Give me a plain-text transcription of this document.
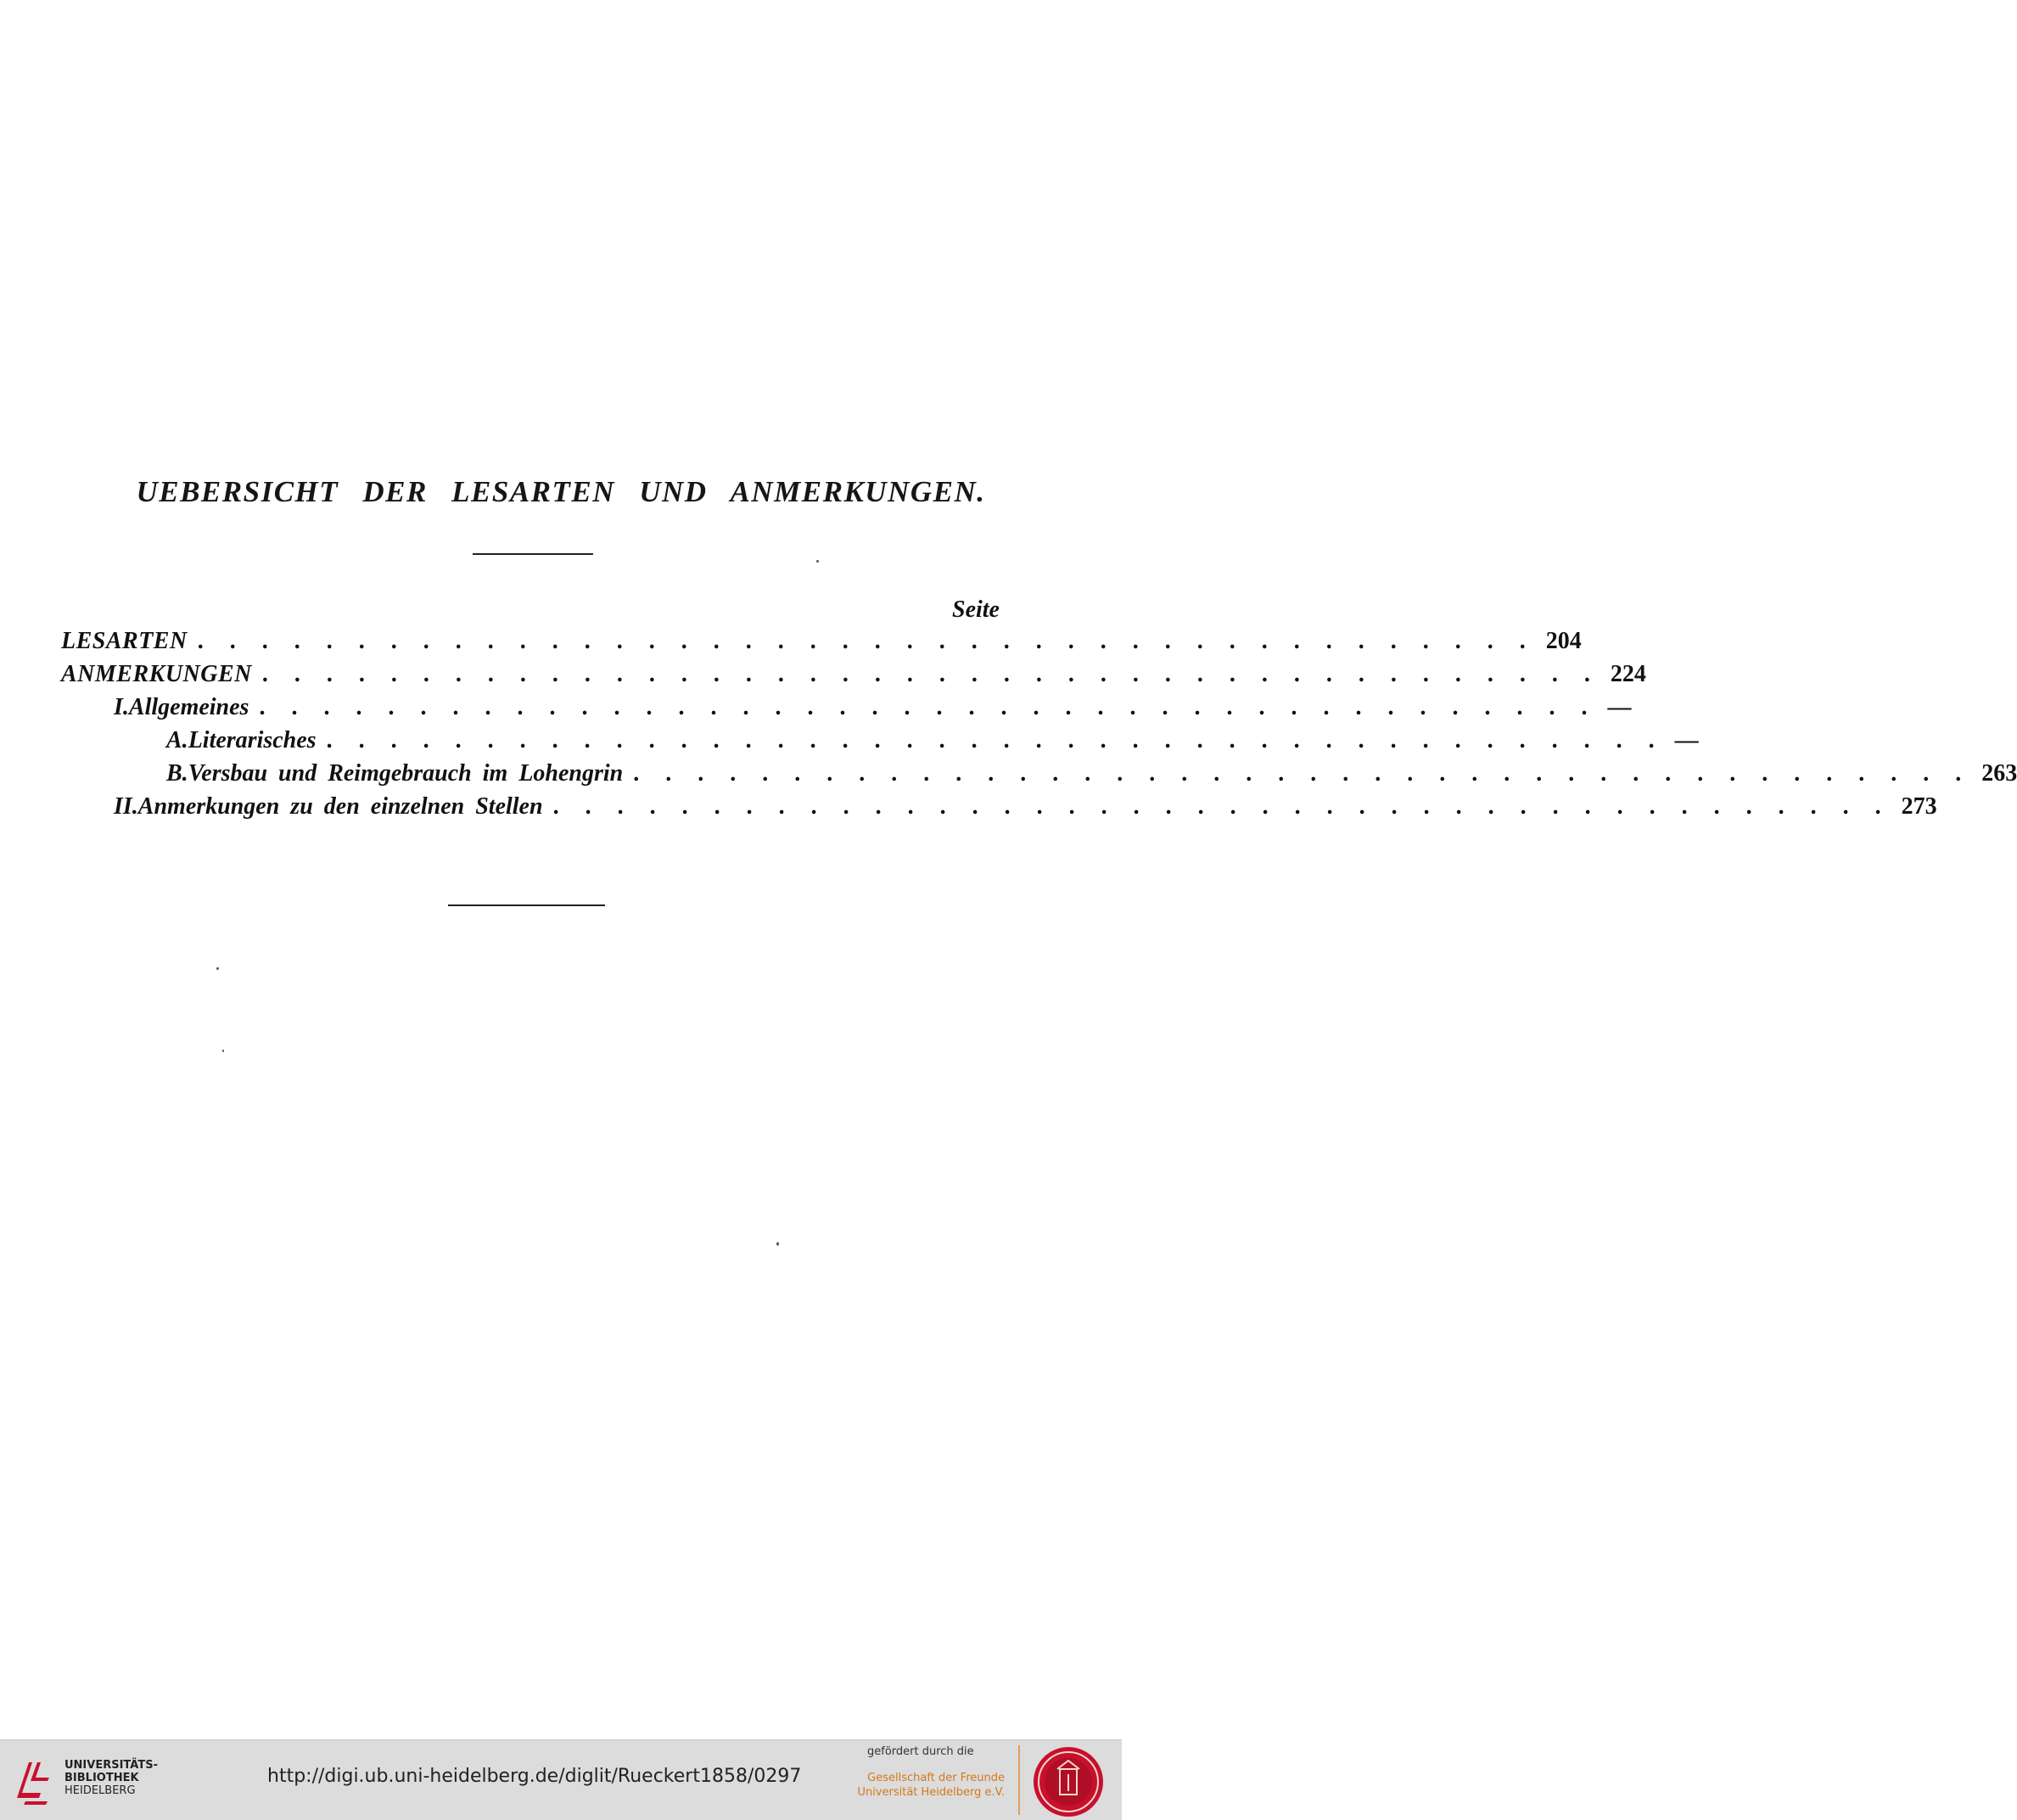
UEBERSICHT DER LESARTEN UND ANMERKUNGEN.
Seite
LESARTEN . . . . . . . . . . . . . . . . . . . . . . . . . . . . . . . . . . . . . . . . . . 204
ANMERKUNGEN . . . . . . . . . . . . . . . . . . . . . . . . . . . . . . . . . . . . . . . . . . 224
I. Allgemeines . . . . . . . . . . . . . . . . . . . . . . . . . . . . . . . . . . . . . . . . . . —
A. Literarisches . . . . . . . . . . . . . . . . . . . . . . . . . . . . . . . . . . . . . . . . . . —
B. Versbau und Reimgebrauch im Lohengrin . . . . . . . . . . . . . . . . . . . . . . . . . . . . . . . . . . . . . . . . . . 263
II. Anmerkungen zu den einzelnen Stellen . . . . . . . . . . . . . . . . . . . . . . . . . . . . . . . . . . . . . . . . . . 273
UNIVERSITÄTS-
BIBLIOTHEK
HEIDELBERG
http://digi.ub.uni-heidelberg.de/diglit/Rueckert1858/0297
gefördert durch die
Gesellschaft der Freunde
Universität Heidelberg e.V.
